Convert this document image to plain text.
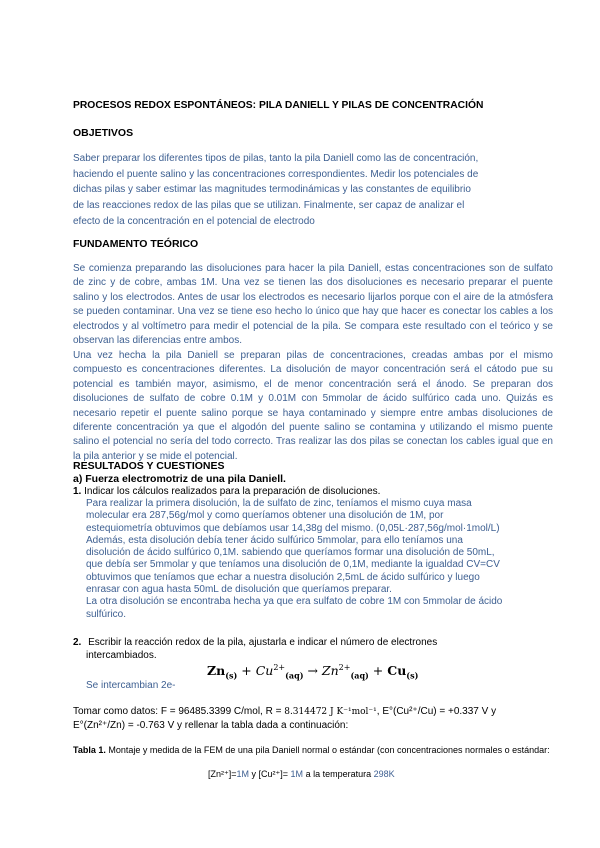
PROCESOS REDOX ESPONTÁNEOS: PILA DANIELL Y PILAS DE CONCENTRACIÓN
OBJETIVOS
Saber preparar los diferentes tipos de pilas, tanto la pila Daniell como las de concentración,
haciendo el puente salino y las concentraciones correspondientes. Medir los potenciales de
dichas pilas y saber estimar las magnitudes termodinámicas y las constantes de equilibrio
de las reacciones redox de las pilas que se utilizan. Finalmente, ser capaz de analizar el
efecto de la concentración en el potencial de electrodo
FUNDAMENTO TEÓRICO
Se comienza preparando las disoluciones para hacer la pila Daniell, estas concentraciones son de sulfato de zinc y de cobre, ambas 1M. Una vez se tienen las dos disoluciones es necesario preparar el puente salino y los electrodos. Antes de usar los electrodos es necesario lijarlos porque con el aire de la atmósfera se pueden contaminar. Una vez se tiene eso hecho lo único que hay que hacer es conectar los cables a los electrodos y al voltímetro para medir el potencial de la pila. Se compara este resultado con el teórico y se observan las diferencias entre ambos.
Una vez hecha la pila Daniell se preparan pilas de concentraciones, creadas ambas por el mismo compuesto es concentraciones diferentes. La disolución de mayor concentración será el cátodo pue su potencial es también mayor, asimismo, el de menor concentración será el ánodo. Se preparan dos disoluciones de sulfato de cobre 0.1M y 0.01M con 5mmolar de ácido sulfúrico cada uno. Quizás es necesario repetir el puente salino porque se haya contaminado y siempre entre ambas disoluciones de diferente concentración ya que el algodón del puente salino se contamina y utilizando el mismo puente salino el potencial no sería del todo correcto. Tras realizar las dos pilas se conectan los cables igual que en la pila anterior y se mide el potencial.
RESULTADOS Y CUESTIONES
a) Fuerza electromotriz de una pila Daniell.
1. Indicar los cálculos realizados para la preparación de disoluciones.
Para realizar la primera disolución, la de sulfato de zinc, teníamos el mismo cuya masa
molecular era 287,56g/mol y como queríamos obtener una disolución de 1M, por
estequiometría obtuvimos que debíamos usar 14,38g del mismo. (0,05L·287,56g/mol·1mol/L)
Además, esta disolución debía tener ácido sulfúrico 5mmolar, para ello teníamos una
disolución de ácido sulfúrico 0,1M. sabiendo que queríamos formar una disolución de 50mL,
que debía ser 5mmolar y que teníamos una disolución de 0,1M, mediante la igualdad CV=CV
obtuvimos que teníamos que echar a nuestra disolución 2,5mL de ácido sulfúrico y luego
enrasar con agua hasta 50mL de disolución que queríamos preparar.
La otra disolución se encontraba hecha ya que era sulfato de cobre 1M con 5mmolar de ácido
sulfúrico.
2. Escribir la reacción redox de la pila, ajustarla e indicar el número de electrones
intercambiados.
$Zn_{(s)} + Cu^{2+}_{(aq)} \to Zn^{2+}_{(aq)} + Cu_{(s)}$
Se intercambian 2e-
Tomar como datos: F = 96485.3399 C/mol, R = 8.314472 J K⁻¹mol⁻¹, E°(Cu²⁺/Cu) = +0.337 V y
E°(Zn²⁺/Zn) = -0.763 V y rellenar la tabla dada a continuación:
Tabla 1. Montaje y medida de la FEM de una pila Daniell normal o estándar (con concentraciones normales o estándar:
[Zn²⁺]=1M y [Cu²⁺]= 1M a la temperatura 298K
